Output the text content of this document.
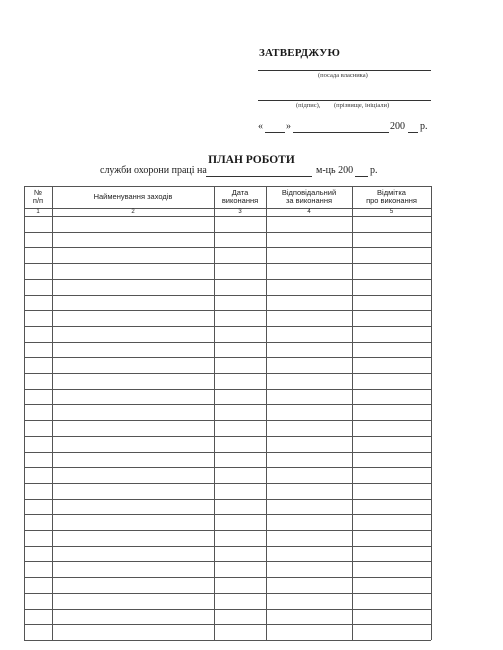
ЗАТВЕРДЖУЮ
(посада власника)
(підпис), (прізвище, ініціали)
« »	200 р.
ПЛАН РОБОТИ
служби охорони праці на	м-ць 200 р.
№
п/п
1
Найменування заходів
2
Дата
виконання
3
Відповідальний
за виконання
4
Відмітка
про виконання
5
